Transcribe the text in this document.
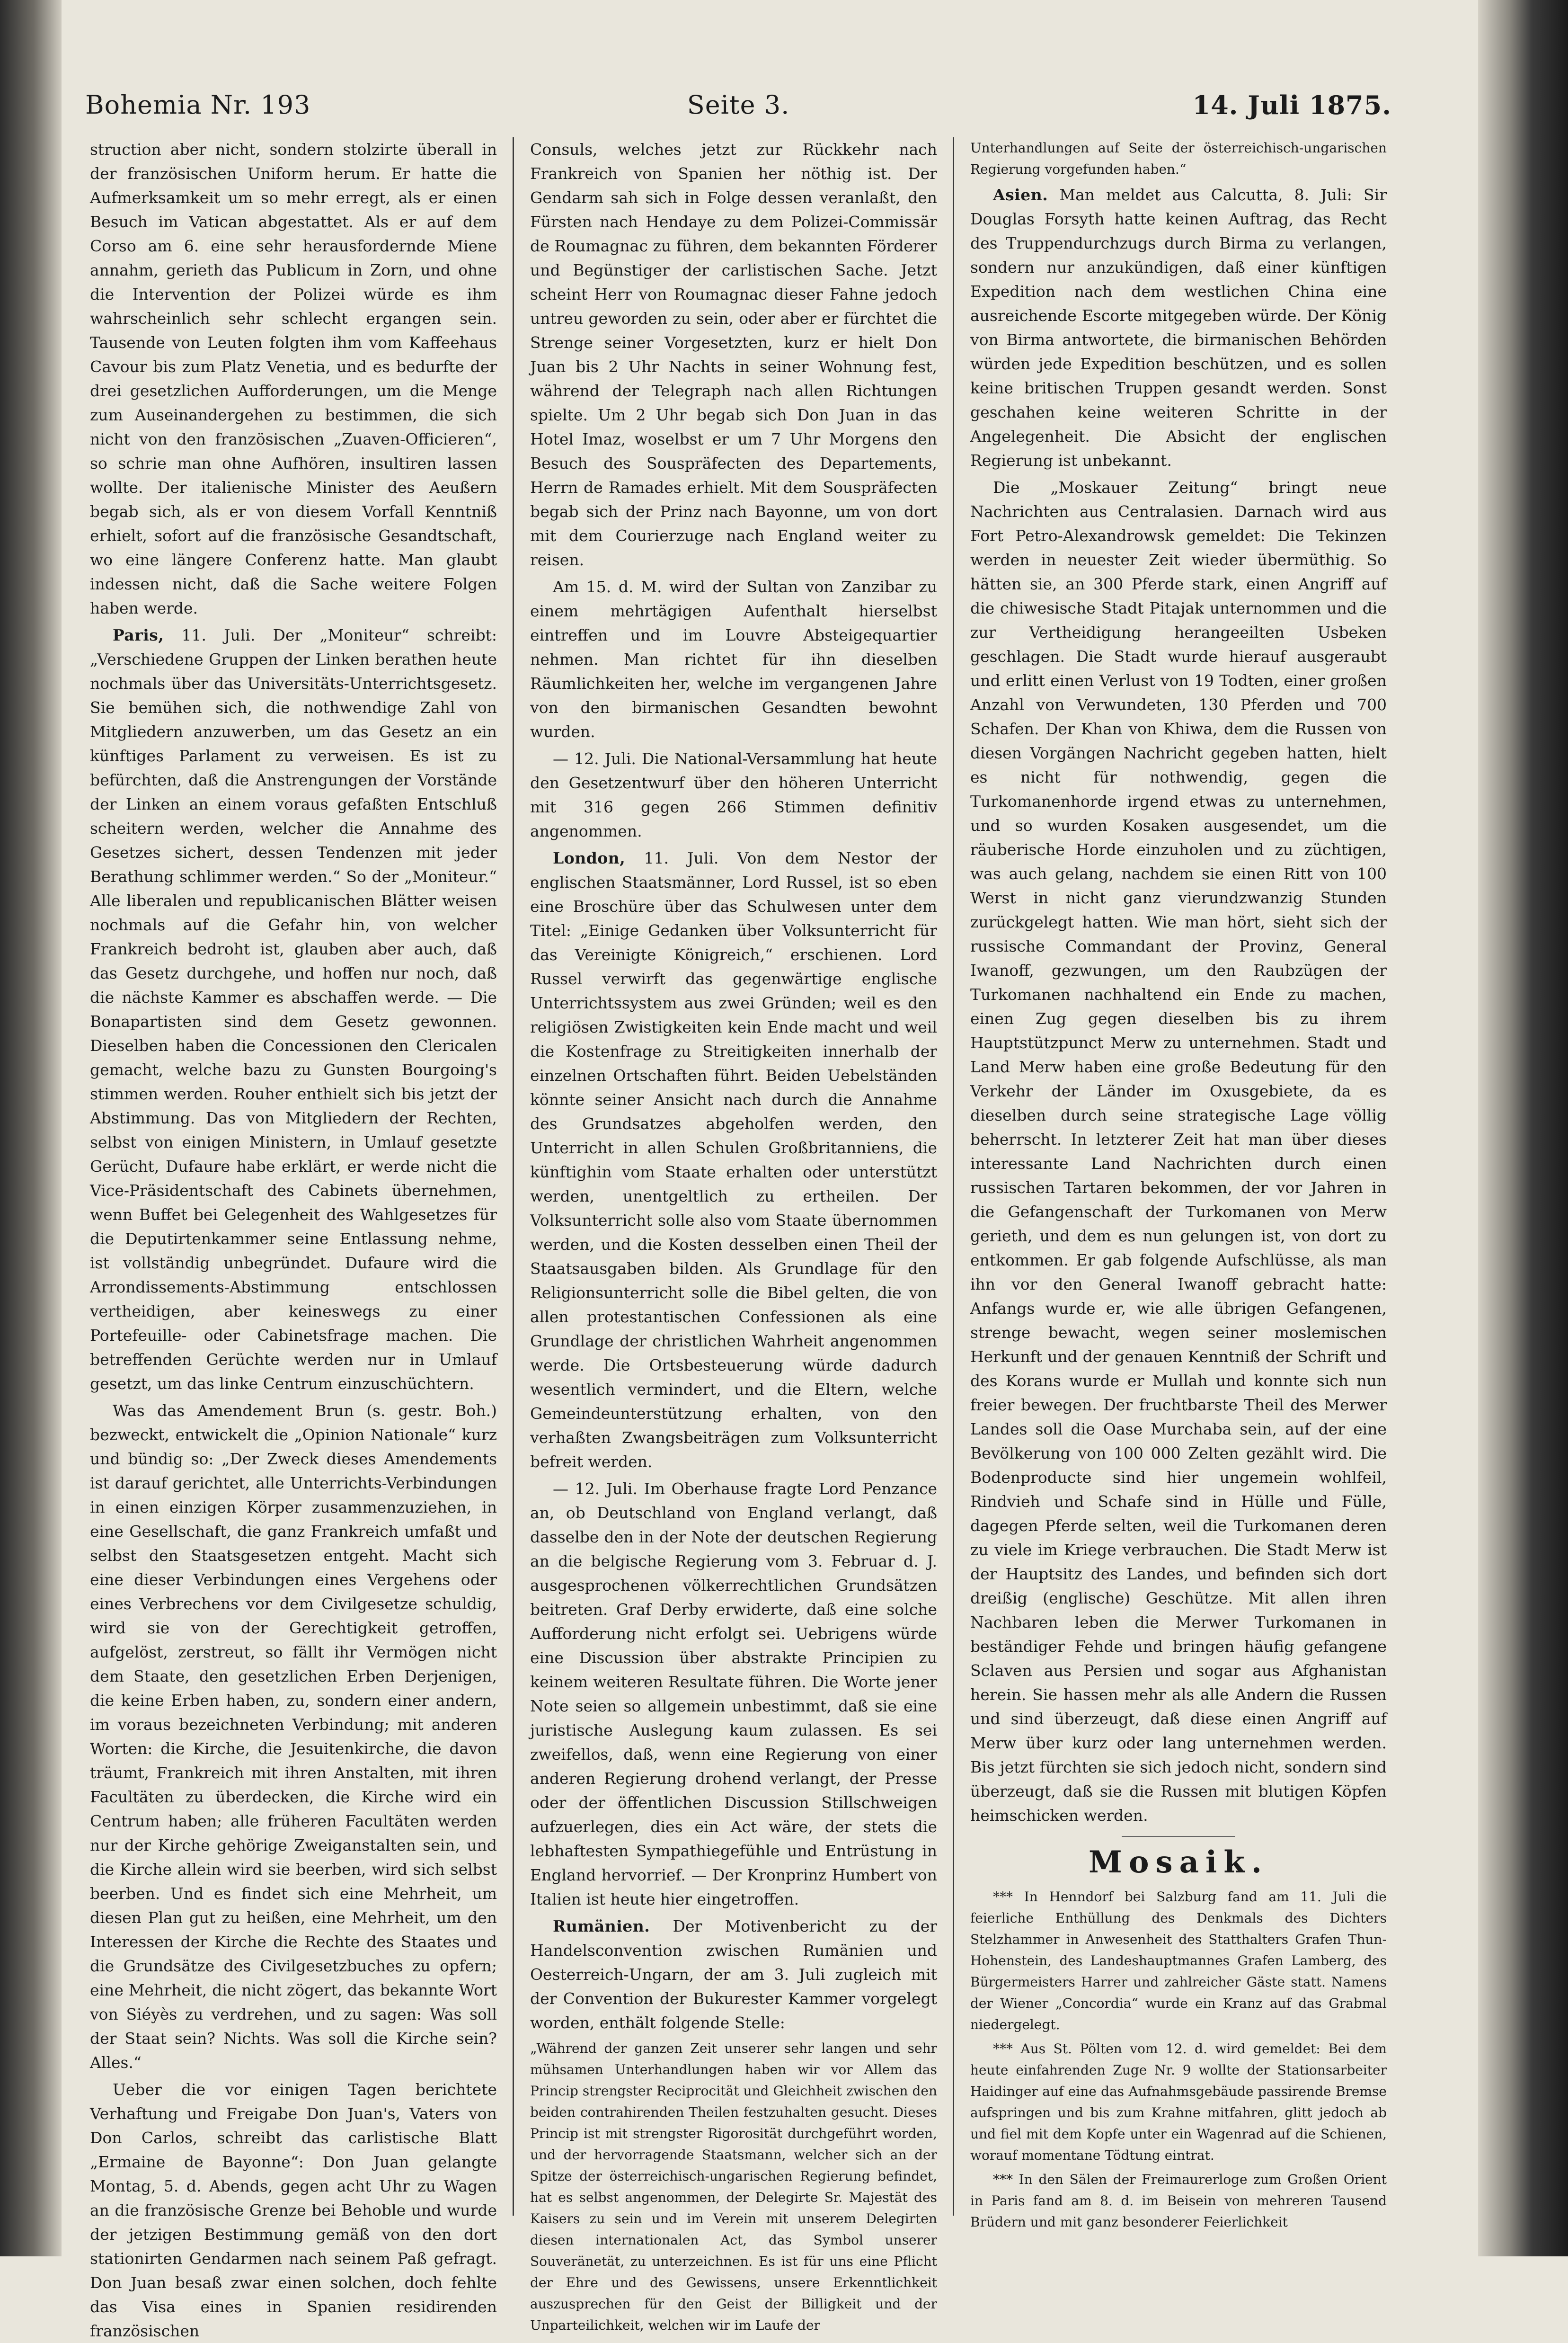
Bohemia Nr. 193	Seite 3.	14. Juli 1875.

struction aber nicht, sondern stolzirte überall in der französischen Uniform herum. Er hatte die Aufmerksamkeit um so mehr erregt, als er einen Besuch im Vatican abgestattet. Als er auf dem Corso am 6. eine sehr herausfordernde Miene annahm, gerieth das Publicum in Zorn, und ohne die Intervention der Polizei würde es ihm wahrscheinlich sehr schlecht ergangen sein. Tausende von Leuten folgten ihm vom Kaffeehaus Cavour bis zum Platz Venetia, und es bedurfte der drei gesetzlichen Aufforderungen, um die Menge zum Auseinandergehen zu bestimmen, die sich nicht von den französischen „Zuaven-Officieren“, so schrie man ohne Aufhören, insultiren lassen wollte. Der italienische Minister des Aeußern begab sich, als er von diesem Vorfall Kenntniß erhielt, sofort auf die französische Gesandtschaft, wo eine längere Conferenz hatte. Man glaubt indessen nicht, daß die Sache weitere Folgen haben werde.

Paris, 11. Juli. Der „Moniteur“ schreibt: „Verschiedene Gruppen der Linken berathen heute nochmals über das Universitäts-Unterrichtsgesetz. Sie bemühen sich, die nothwendige Zahl von Mitgliedern anzuwerben, um das Gesetz an ein künftiges Parlament zu verweisen. Es ist zu befürchten, daß die Anstrengungen der Vorstände der Linken an einem voraus gefaßten Entschluß scheitern werden, welcher die Annahme des Gesetzes sichert, dessen Tendenzen mit jeder Berathung schlimmer werden.“ So der „Moniteur.“ Alle liberalen und republicanischen Blätter weisen nochmals auf die Gefahr hin, von welcher Frankreich bedroht ist, glauben aber auch, daß das Gesetz durchgehe, und hoffen nur noch, daß die nächste Kammer es abschaffen werde. — Die Bonapartisten sind dem Gesetz gewonnen. Dieselben haben die Concessionen den Clericalen gemacht, welche bazu zu Gunsten Bourgoing's stimmen werden. Rouher enthielt sich bis jetzt der Abstimmung. Das von Mitgliedern der Rechten, selbst von einigen Ministern, in Umlauf gesetzte Gerücht, Dufaure habe erklärt, er werde nicht die Vice-Präsidentschaft des Cabinets übernehmen, wenn Buffet bei Gelegenheit des Wahlgesetzes für die Deputirtenkammer seine Entlassung nehme, ist vollständig unbegründet. Dufaure wird die Arrondissements-Abstimmung entschlossen vertheidigen, aber keineswegs zu einer Portefeuille- oder Cabinetsfrage machen. Die betreffenden Gerüchte werden nur in Umlauf gesetzt, um das linke Centrum einzuschüchtern.

Was das Amendement Brun (s. gestr. Boh.) bezweckt, entwickelt die „Opinion Nationale“ kurz und bündig so: „Der Zweck dieses Amendements ist darauf gerichtet, alle Unterrichts-Verbindungen in einen einzigen Körper zusammenzuziehen, in eine Gesellschaft, die ganz Frankreich umfaßt und selbst den Staatsgesetzen entgeht. Macht sich eine dieser Verbindungen eines Vergehens oder eines Verbrechens vor dem Civilgesetze schuldig, wird sie von der Gerechtigkeit getroffen, aufgelöst, zerstreut, so fällt ihr Vermögen nicht dem Staate, den gesetzlichen Erben Derjenigen, die keine Erben haben, zu, sondern einer andern, im voraus bezeichneten Verbindung; mit anderen Worten: die Kirche, die Jesuitenkirche, die davon träumt, Frankreich mit ihren Anstalten, mit ihren Facultäten zu überdecken, die Kirche wird ein Centrum haben; alle früheren Facultäten werden nur der Kirche gehörige Zweiganstalten sein, und die Kirche allein wird sie beerben, wird sich selbst beerben. Und es findet sich eine Mehrheit, um diesen Plan gut zu heißen, eine Mehrheit, um den Interessen der Kirche die Rechte des Staates und die Grundsätze des Civilgesetzbuches zu opfern; eine Mehrheit, die nicht zögert, das bekannte Wort von Siéyès zu verdrehen, und zu sagen: Was soll der Staat sein? Nichts. Was soll die Kirche sein? Alles.“

Ueber die vor einigen Tagen berichtete Verhaftung und Freigabe Don Juan's, Vaters von Don Carlos, schreibt das carlistische Blatt „Ermaine de Bayonne“: Don Juan gelangte Montag, 5. d. Abends, gegen acht Uhr zu Wagen an die französische Grenze bei Behoble und wurde der jetzigen Bestimmung gemäß von den dort stationirten Gendarmen nach seinem Paß gefragt. Don Juan besaß zwar einen solchen, doch fehlte das Visa eines in Spanien residirenden französischen

Consuls, welches jetzt zur Rückkehr nach Frankreich von Spanien her nöthig ist. Der Gendarm sah sich in Folge dessen veranlaßt, den Fürsten nach Hendaye zu dem Polizei-Commissär de Roumagnac zu führen, dem bekannten Förderer und Begünstiger der carlistischen Sache. Jetzt scheint Herr von Roumagnac dieser Fahne jedoch untreu geworden zu sein, oder aber er fürchtet die Strenge seiner Vorgesetzten, kurz er hielt Don Juan bis 2 Uhr Nachts in seiner Wohnung fest, während der Telegraph nach allen Richtungen spielte. Um 2 Uhr begab sich Don Juan in das Hotel Imaz, woselbst er um 7 Uhr Morgens den Besuch des Souspräfecten des Departements, Herrn de Ramades erhielt. Mit dem Souspräfecten begab sich der Prinz nach Bayonne, um von dort mit dem Courierzuge nach England weiter zu reisen.

Am 15. d. M. wird der Sultan von Zanzibar zu einem mehrtägigen Aufenthalt hierselbst eintreffen und im Louvre Absteigequartier nehmen. Man richtet für ihn dieselben Räumlichkeiten her, welche im vergangenen Jahre von den birmanischen Gesandten bewohnt wurden.

— 12. Juli. Die National-Versammlung hat heute den Gesetzentwurf über den höheren Unterricht mit 316 gegen 266 Stimmen definitiv angenommen.

London, 11. Juli. Von dem Nestor der englischen Staatsmänner, Lord Russel, ist so eben eine Broschüre über das Schulwesen unter dem Titel: „Einige Gedanken über Volksunterricht für das Vereinigte Königreich,“ erschienen. Lord Russel verwirft das gegenwärtige englische Unterrichtssystem aus zwei Gründen; weil es den religiösen Zwistigkeiten kein Ende macht und weil die Kostenfrage zu Streitigkeiten innerhalb der einzelnen Ortschaften führt. Beiden Uebelständen könnte seiner Ansicht nach durch die Annahme des Grundsatzes abgeholfen werden, den Unterricht in allen Schulen Großbritanniens, die künftighin vom Staate erhalten oder unterstützt werden, unentgeltlich zu ertheilen. Der Volksunterricht solle also vom Staate übernommen werden, und die Kosten desselben einen Theil der Staatsausgaben bilden. Als Grundlage für den Religionsunterricht solle die Bibel gelten, die von allen protestantischen Confessionen als eine Grundlage der christlichen Wahrheit angenommen werde. Die Ortsbesteuerung würde dadurch wesentlich vermindert, und die Eltern, welche Gemeindeunterstützung erhalten, von den verhaßten Zwangsbeiträgen zum Volksunterricht befreit werden.

— 12. Juli. Im Oberhause fragte Lord Penzance an, ob Deutschland von England verlangt, daß dasselbe den in der Note der deutschen Regierung an die belgische Regierung vom 3. Februar d. J. ausgesprochenen völkerrechtlichen Grundsätzen beitreten. Graf Derby erwiderte, daß eine solche Aufforderung nicht erfolgt sei. Uebrigens würde eine Discussion über abstrakte Principien zu keinem weiteren Resultate führen. Die Worte jener Note seien so allgemein unbestimmt, daß sie eine juristische Auslegung kaum zulassen. Es sei zweifellos, daß, wenn eine Regierung von einer anderen Regierung drohend verlangt, der Presse oder der öffentlichen Discussion Stillschweigen aufzuerlegen, dies ein Act wäre, der stets die lebhaftesten Sympathiegefühle und Entrüstung in England hervorrief. — Der Kronprinz Humbert von Italien ist heute hier eingetroffen.

Rumänien. Der Motivenbericht zu der Handelsconvention zwischen Rumänien und Oesterreich-Ungarn, der am 3. Juli zugleich mit der Convention der Bukurester Kammer vorgelegt worden, enthält folgende Stelle:

„Während der ganzen Zeit unserer sehr langen und sehr mühsamen Unterhandlungen haben wir vor Allem das Princip strengster Reciprocität und Gleichheit zwischen den beiden contrahirenden Theilen festzuhalten gesucht. Dieses Princip ist mit strengster Rigorosität durchgeführt worden, und der hervorragende Staatsmann, welcher sich an der Spitze der österreichisch-ungarischen Regierung befindet, hat es selbst angenommen, der Delegirte Sr. Majestät des Kaisers zu sein und im Verein mit unserem Delegirten diesen internationalen Act, das Symbol unserer Souveränetät, zu unterzeichnen. Es ist für uns eine Pflicht der Ehre und des Gewissens, unsere Erkenntlichkeit auszusprechen für den Geist der Billigkeit und der Unparteilichkeit, welchen wir im Laufe der

Unterhandlungen auf Seite der österreichisch-ungarischen Regierung vorgefunden haben.“

Asien. Man meldet aus Calcutta, 8. Juli: Sir Douglas Forsyth hatte keinen Auftrag, das Recht des Truppendurchzugs durch Birma zu verlangen, sondern nur anzukündigen, daß einer künftigen Expedition nach dem westlichen China eine ausreichende Escorte mitgegeben würde. Der König von Birma antwortete, die birmanischen Behörden würden jede Expedition beschützen, und es sollen keine britischen Truppen gesandt werden. Sonst geschahen keine weiteren Schritte in der Angelegenheit. Die Absicht der englischen Regierung ist unbekannt.

Die „Moskauer Zeitung“ bringt neue Nachrichten aus Centralasien. Darnach wird aus Fort Petro-Alexandrowsk gemeldet: Die Tekinzen werden in neuester Zeit wieder übermüthig. So hätten sie, an 300 Pferde stark, einen Angriff auf die chiwesische Stadt Pitajak unternommen und die zur Vertheidigung herangeeilten Usbeken geschlagen. Die Stadt wurde hierauf ausgeraubt und erlitt einen Verlust von 19 Todten, einer großen Anzahl von Verwundeten, 130 Pferden und 700 Schafen. Der Khan von Khiwa, dem die Russen von diesen Vorgängen Nachricht gegeben hatten, hielt es nicht für nothwendig, gegen die Turkomanenhorde irgend etwas zu unternehmen, und so wurden Kosaken ausgesendet, um die räuberische Horde einzuholen und zu züchtigen, was auch gelang, nachdem sie einen Ritt von 100 Werst in nicht ganz vierundzwanzig Stunden zurückgelegt hatten. Wie man hört, sieht sich der russische Commandant der Provinz, General Iwanoff, gezwungen, um den Raubzügen der Turkomanen nachhaltend ein Ende zu machen, einen Zug gegen dieselben bis zu ihrem Hauptstützpunct Merw zu unternehmen. Stadt und Land Merw haben eine große Bedeutung für den Verkehr der Länder im Oxusgebiete, da es dieselben durch seine strategische Lage völlig beherrscht. In letzterer Zeit hat man über dieses interessante Land Nachrichten durch einen russischen Tartaren bekommen, der vor Jahren in die Gefangenschaft der Turkomanen von Merw gerieth, und dem es nun gelungen ist, von dort zu entkommen. Er gab folgende Aufschlüsse, als man ihn vor den General Iwanoff gebracht hatte: Anfangs wurde er, wie alle übrigen Gefangenen, strenge bewacht, wegen seiner moslemischen Herkunft und der genauen Kenntniß der Schrift und des Korans wurde er Mullah und konnte sich nun freier bewegen. Der fruchtbarste Theil des Merwer Landes soll die Oase Murchaba sein, auf der eine Bevölkerung von 100 000 Zelten gezählt wird. Die Bodenproducte sind hier ungemein wohlfeil, Rindvieh und Schafe sind in Hülle und Fülle, dagegen Pferde selten, weil die Turkomanen deren zu viele im Kriege verbrauchen. Die Stadt Merw ist der Hauptsitz des Landes, und befinden sich dort dreißig (englische) Geschütze. Mit allen ihren Nachbaren leben die Merwer Turkomanen in beständiger Fehde und bringen häufig gefangene Sclaven aus Persien und sogar aus Afghanistan herein. Sie hassen mehr als alle Andern die Russen und sind überzeugt, daß diese einen Angriff auf Merw über kurz oder lang unternehmen werden. Bis jetzt fürchten sie sich jedoch nicht, sondern sind überzeugt, daß sie die Russen mit blutigen Köpfen heimschicken werden.

Mosaik.

*** In Henndorf bei Salzburg fand am 11. Juli die feierliche Enthüllung des Denkmals des Dichters Stelzhammer in Anwesenheit des Statthalters Grafen Thun-Hohenstein, des Landeshauptmannes Grafen Lamberg, des Bürgermeisters Harrer und zahlreicher Gäste statt. Namens der Wiener „Concordia“ wurde ein Kranz auf das Grabmal niedergelegt.

*** Aus St. Pölten vom 12. d. wird gemeldet: Bei dem heute einfahrenden Zuge Nr. 9 wollte der Stationsarbeiter Haidinger auf eine das Aufnahmsgebäude passirende Bremse aufspringen und bis zum Krahne mitfahren, glitt jedoch ab und fiel mit dem Kopfe unter ein Wagenrad auf die Schienen, worauf momentane Tödtung eintrat.

*** In den Sälen der Freimaurerloge zum Großen Orient in Paris fand am 8. d. im Beisein von mehreren Tausend Brüdern und mit ganz besonderer Feierlichkeit
